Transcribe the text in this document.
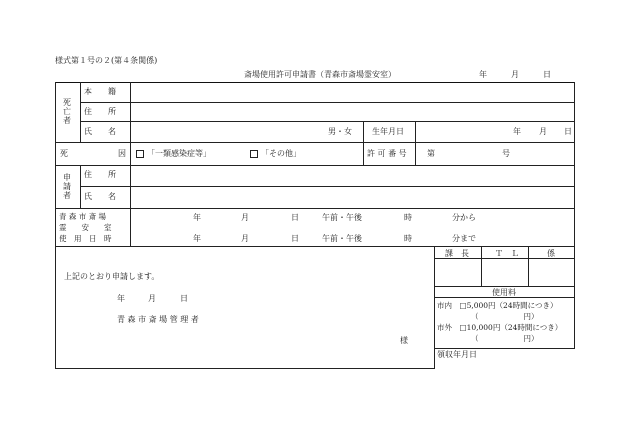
様式第１号の２(第４条関係)
斎場使用許可申請書（青森市斎場霊安室）	年	月	日
死亡者
本　籍
住　所
氏　名	男・女	生年月日	年 月 日
死	因	「一類感染症等」	「その他」	許 可 番 号	第	号
申請者
住　所
氏　名
青 森 市 斎 場
霊　　安　　室
使　用　日　時
年	月	日	午前・午後	時	分から
年	月	日	午前・午後	時	分まで
上記のとおり申請します。
年	月	日
青 森 市 斎 場 管 理 者
様
課　長	Ｔ　Ｌ	係
使用料
市内　□5,000円（24時間につき）
（　　　　　　円）
市外　□10,000円（24時間につき）
（　　　　　　円）
領収年月日
